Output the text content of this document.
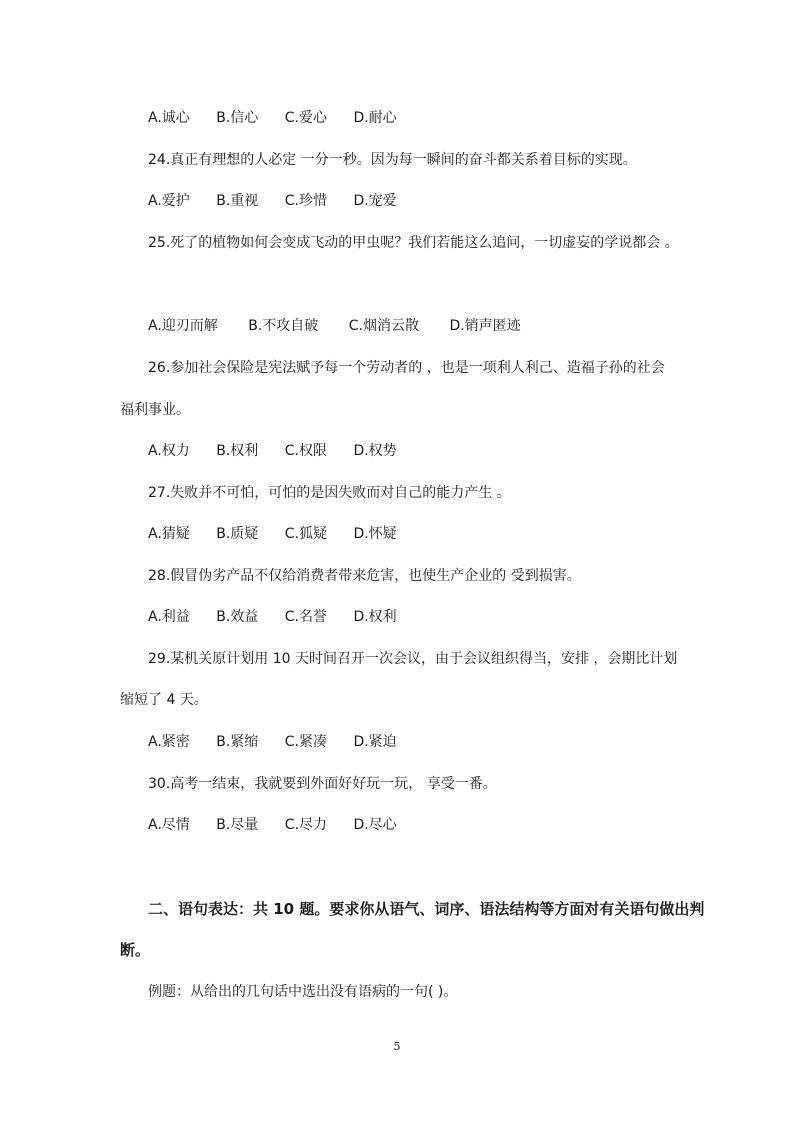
A.诚心 B.信心 C.爱心 D.耐心
24.真正有理想的人必定 一分一秒。因为每一瞬间的奋斗都关系着目标的实现。
A.爱护 B.重视 C.珍惜 D.宠爱
25.死了的植物如何会变成飞动的甲虫呢？我们若能这么追问，一切虚妄的学说都会 。
A.迎刃而解 B.不攻自破 C.烟消云散 D.销声匿迹
26.参加社会保险是宪法赋予每一个劳动者的 ，也是一项利人利己、造福子孙的社会
福利事业。
A.权力 B.权利 C.权限 D.权势
27.失败并不可怕，可怕的是因失败而对自己的能力产生 。
A.猜疑 B.质疑 C.狐疑 D.怀疑
28.假冒伪劣产品不仅给消费者带来危害，也使生产企业的 受到损害。
A.利益 B.效益 C.名誉 D.权利
29.某机关原计划用 10 天时间召开一次会议，由于会议组织得当，安排 ，会期比计划
缩短了 4 天。
A.紧密 B.紧缩 C.紧凑 D.紧迫
30.高考一结束，我就要到外面好好玩一玩， 享受一番。
A.尽情 B.尽量 C.尽力 D.尽心
二、语句表达：共 10 题。要求你从语气、词序、语法结构等方面对有关语句做出判
断。
例题：从给出的几句话中选出没有语病的一句( )。
5
